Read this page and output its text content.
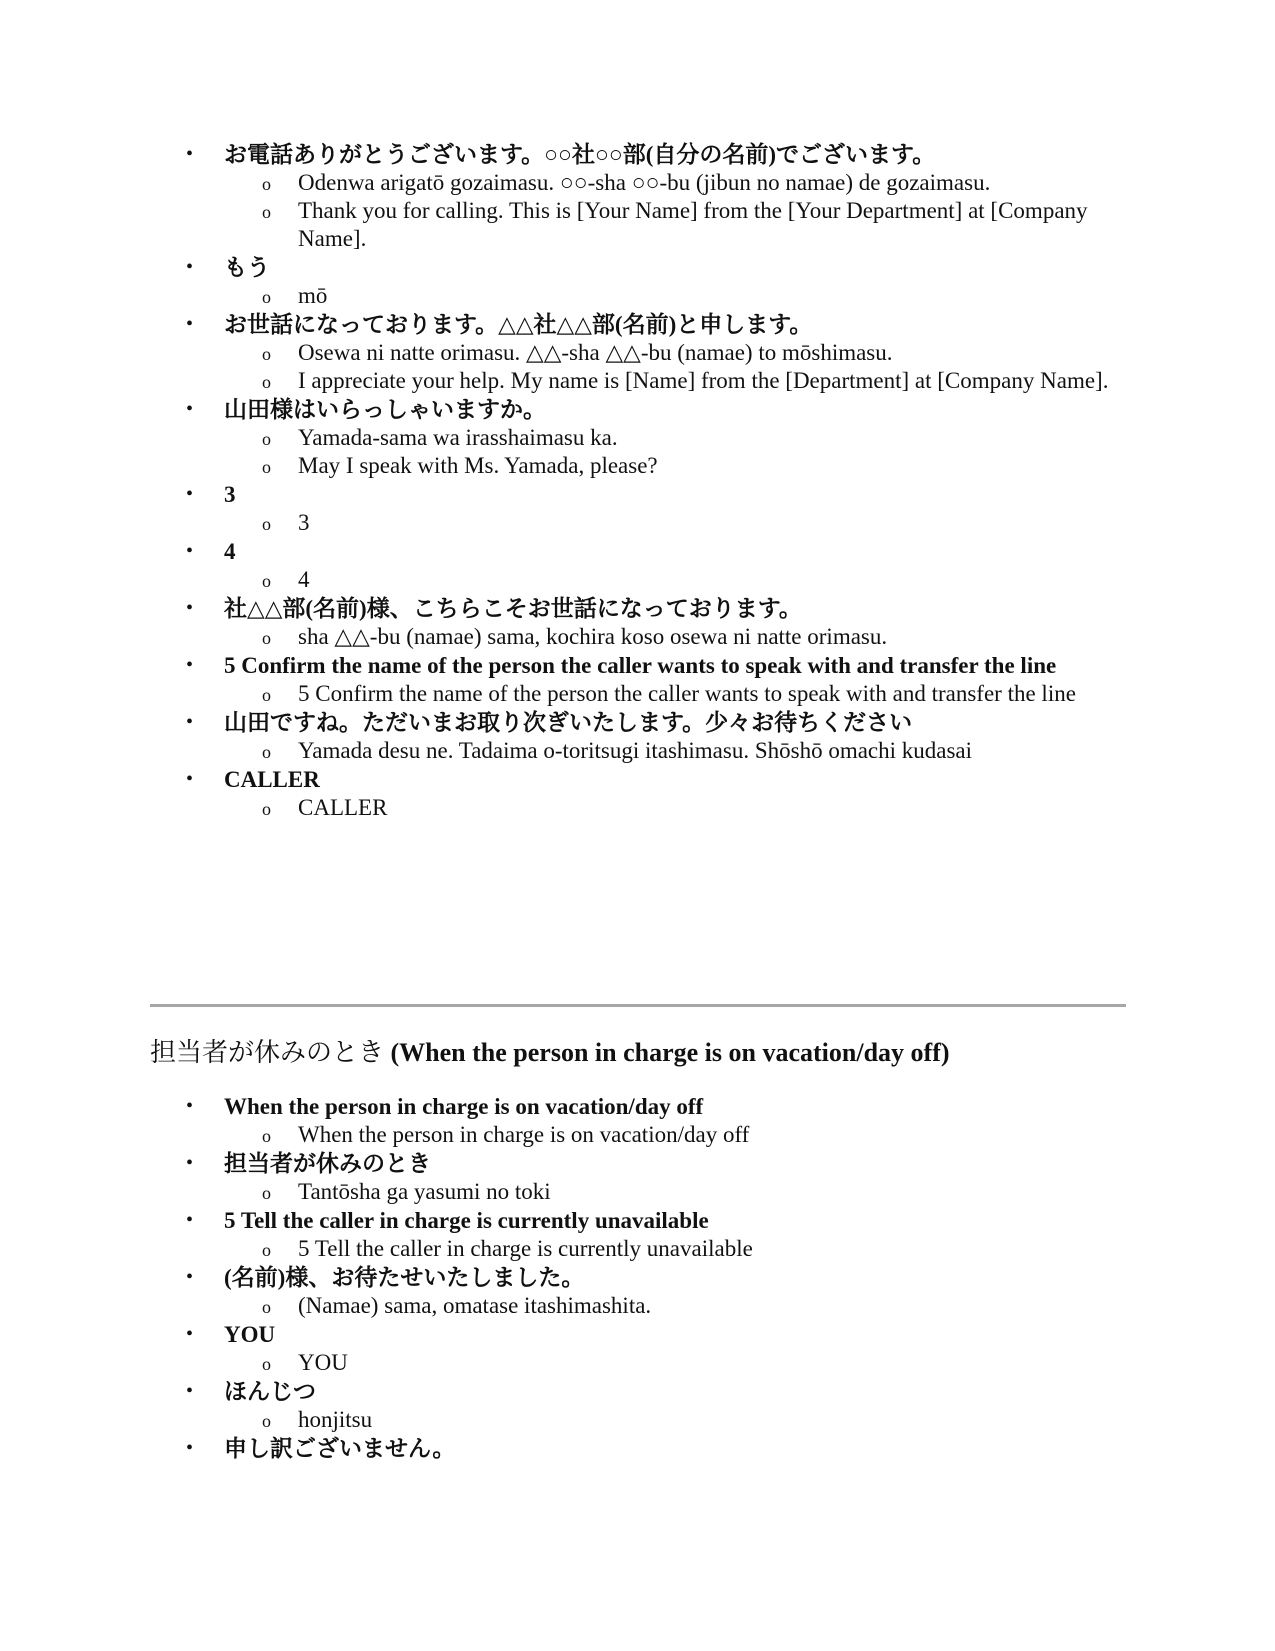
• お電話ありがとうございます。○○社○○部(自分の名前)でございます。
o Odenwa arigatō gozaimasu. ○○-sha ○○-bu (jibun no namae) de gozaimasu.
o Thank you for calling. This is [Your Name] from the [Your Department] at [Company Name].
• もう
o mō
• お世話になっております。△△社△△部(名前)と申します。
o Osewa ni natte orimasu. △△-sha △△-bu (namae) to mōshimasu.
o I appreciate your help. My name is [Name] from the [Department] at [Company Name].
• 山田様はいらっしゃいますか。
o Yamada-sama wa irasshaimasu ka.
o May I speak with Ms. Yamada, please?
• 3
o 3
• 4
o 4
• 社△△部(名前)様、こちらこそお世話になっております。
o sha △△-bu (namae) sama, kochira koso osewa ni natte orimasu.
• 5 Confirm the name of the person the caller wants to speak with and transfer the line
o 5 Confirm the name of the person the caller wants to speak with and transfer the line
• 山田ですね。ただいまお取り次ぎいたします。少々お待ちください
o Yamada desu ne. Tadaima o-toritsugi itashimasu. Shōshō omachi kudasai
• CALLER
o CALLER
担当者が休みのとき (When the person in charge is on vacation/day off)
• When the person in charge is on vacation/day off
o When the person in charge is on vacation/day off
• 担当者が休みのとき
o Tantōsha ga yasumi no toki
• 5 Tell the caller in charge is currently unavailable
o 5 Tell the caller in charge is currently unavailable
• (名前)様、お待たせいたしました。
o (Namae) sama, omatase itashimashita.
• YOU
o YOU
• ほんじつ
o honjitsu
• 申し訳ございません。
